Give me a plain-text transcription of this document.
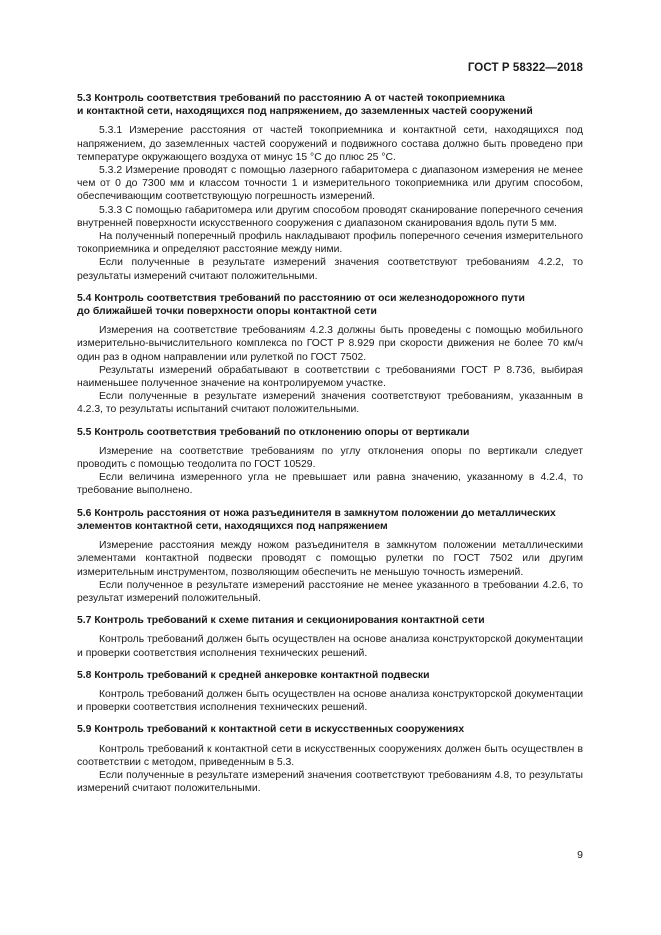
ГОСТ Р 58322—2018
5.3 Контроль соответствия требований по расстоянию А от частей токоприемника
и контактной сети, находящихся под напряжением, до заземленных частей сооружений

5.3.1 Измерение расстояния от частей токоприемника и контактной сети, находящихся под напряжением, до заземленных частей сооружений и подвижного состава должно быть проведено при температуре окружающего воздуха от минус 15 °С до плюс 25 °С.

5.3.2 Измерение проводят с помощью лазерного габаритомера с диапазоном измерения не менее чем от 0 до 7300 мм и классом точности 1 и измерительного токоприемника или другим способом, обеспечивающим соответствующую погрешность измерений.

5.3.3 С помощью габаритомера или другим способом проводят сканирование поперечного сечения внутренней поверхности искусственного сооружения с диапазоном сканирования вдоль пути 5 мм.

На полученный поперечный профиль накладывают профиль поперечного сечения измерительного токоприемника и определяют расстояние между ними.

Если полученные в результате измерений значения соответствуют требованиям 4.2.2, то результаты измерений считают положительными.

5.4 Контроль соответствия требований по расстоянию от оси железнодорожного пути
до ближайшей точки поверхности опоры контактной сети

Измерения на соответствие требованиям 4.2.3 должны быть проведены с помощью мобильного измерительно-вычислительного комплекса по ГОСТ Р 8.929 при скорости движения не более 70 км/ч один раз в одном направлении или рулеткой по ГОСТ 7502.

Результаты измерений обрабатывают в соответствии с требованиями ГОСТ Р 8.736, выбирая наименьшее полученное значение на контролируемом участке.

Если полученные в результате измерений значения соответствуют требованиям, указанным в 4.2.3, то результаты испытаний считают положительными.

5.5 Контроль соответствия требований по отклонению опоры от вертикали

Измерение на соответствие требованиям по углу отклонения опоры по вертикали следует проводить с помощью теодолита по ГОСТ 10529.

Если величина измеренного угла не превышает или равна значению, указанному в 4.2.4, то требование выполнено.

5.6 Контроль расстояния от ножа разъединителя в замкнутом положении до металлических
элементов контактной сети, находящихся под напряжением

Измерение расстояния между ножом разъединителя в замкнутом положении металлическими элементами контактной подвески проводят с помощью рулетки по ГОСТ 7502 или другим измерительным инструментом, позволяющим обеспечить не меньшую точность измерений.

Если полученное в результате измерений расстояние не менее указанного в требовании 4.2.6, то результат измерений положительный.

5.7 Контроль требований к схеме питания и секционирования контактной сети

Контроль требований должен быть осуществлен на основе анализа конструкторской документации и проверки соответствия исполнения технических решений.

5.8 Контроль требований к средней анкеровке контактной подвески

Контроль требований должен быть осуществлен на основе анализа конструкторской документации и проверки соответствия исполнения технических решений.

5.9 Контроль требований к контактной сети в искусственных сооружениях

Контроль требований к контактной сети в искусственных сооружениях должен быть осуществлен в соответствии с методом, приведенным в 5.3.

Если полученные в результате измерений значения соответствуют требованиям 4.8, то результаты измерений считают положительными.

9
